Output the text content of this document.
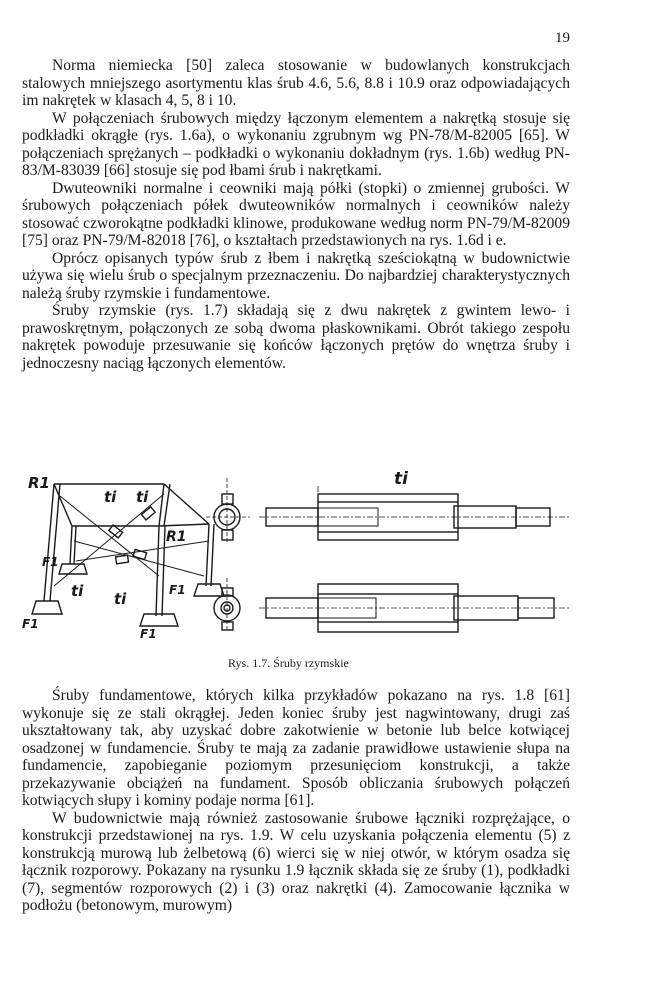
19

Norma niemiecka [50] zaleca stosowanie w budowlanych konstrukcjach stalowych mniejszego asortymentu klas śrub 4.6, 5.6, 8.8 i 10.9 oraz odpowiadających im nakrętek w klasach 4, 5, 8 i 10.

W połączeniach śrubowych między łączonym elementem a nakrętką stosuje się podkładki okrągłe (rys. 1.6a), o wykonaniu zgrubnym wg PN-78/M-82005 [65]. W połączeniach sprężanych – podkładki o wykonaniu dokładnym (rys. 1.6b) według PN-83/M-83039 [66] stosuje się pod łbami śrub i nakrętkami.

Dwuteowniki normalne i ceowniki mają półki (stopki) o zmiennej grubości. W śrubowych połączeniach półek dwuteowników normalnych i ceowników należy stosować czworokątne podkładki klinowe, produkowane według norm PN-79/M-82009 [75] oraz PN-79/M-82018 [76], o kształtach przedstawionych na rys. 1.6d i e.

Oprócz opisanych typów śrub z łbem i nakrętką sześciokątną w budownictwie używa się wielu śrub o specjalnym przeznaczeniu. Do najbardziej charakterystycznych należą śruby rzymskie i fundamentowe.

Śruby rzymskie (rys. 1.7) składają się z dwu nakrętek z gwintem lewo- i prawoskrętnym, połączonych ze sobą dwoma płaskownikami. Obrót takiego zespołu nakrętek powoduje przesuwanie się końców łączonych prętów do wnętrza śruby i jednoczesny naciąg łączonych elementów.

R1
R1
ti ti
ti ti
F1
F1
F1
F1
ti
Rys. 1.7. Śruby rzymskie

Śruby fundamentowe, których kilka przykładów pokazano na rys. 1.8 [61] wykonuje się ze stali okrągłej. Jeden koniec śruby jest nagwintowany, drugi zaś ukształtowany tak, aby uzyskać dobre zakotwienie w betonie lub belce kotwiącej osadzonej w fundamencie. Śruby te mają za zadanie prawidłowe ustawienie słupa na fundamencie, zapobieganie poziomym przesunięciom konstrukcji, a także przekazywanie obciążeń na fundament. Sposób obliczania śrubowych połączeń kotwiących słupy i kominy podaje norma [61].

W budownictwie mają również zastosowanie śrubowe łączniki rozprężające, o konstrukcji przedstawionej na rys. 1.9. W celu uzyskania połączenia elementu (5) z konstrukcją murową lub żelbetową (6) wierci się w niej otwór, w którym osadza się łącznik rozporowy. Pokazany na rysunku 1.9 łącznik składa się ze śruby (1), podkładki (7), segmentów rozporowych (2) i (3) oraz nakrętki (4). Zamocowanie łącznika w podłożu (betonowym, murowym)
